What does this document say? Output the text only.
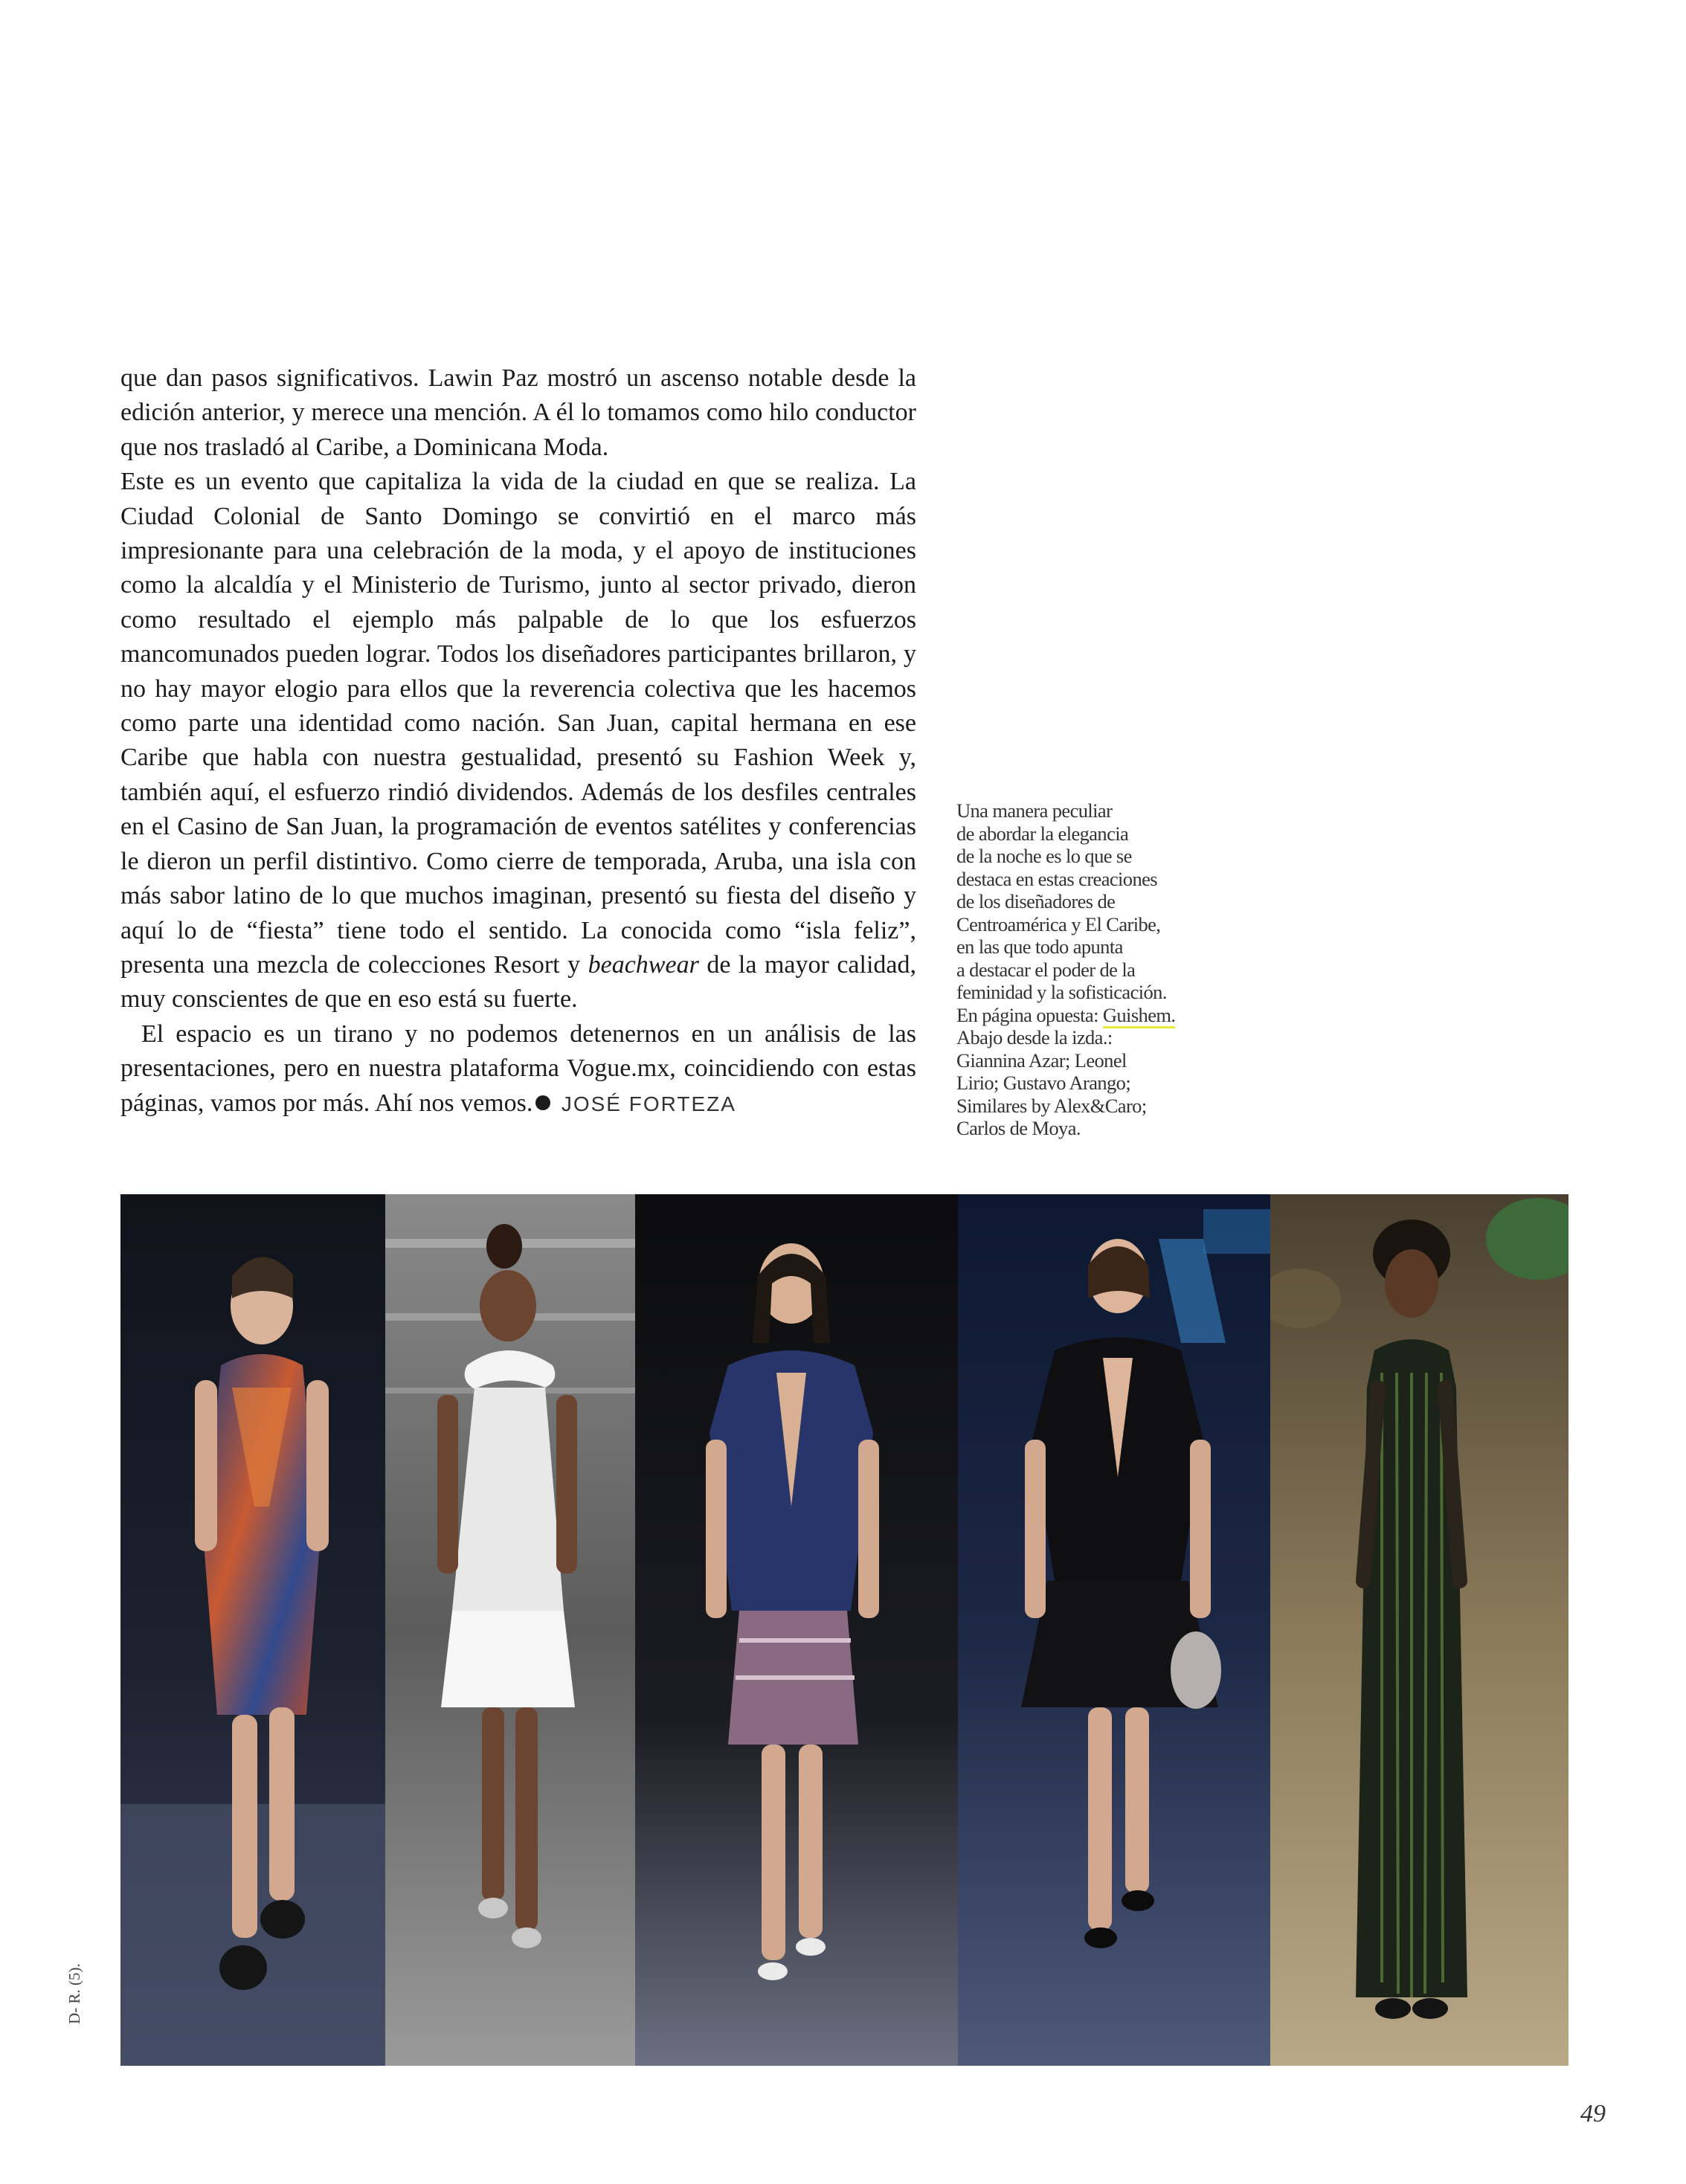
que dan pasos significativos. Lawin Paz mostró un ascenso notable desde la edición anterior, y merece una mención. A él lo tomamos como hilo conductor que nos trasladó al Caribe, a Dominicana Moda.

Este es un evento que capitaliza la vida de la ciudad en que se realiza. La Ciudad Colonial de Santo Domingo se convirtió en el marco más impresionante para una celebración de la moda, y el apoyo de instituciones como la alcaldía y el Ministerio de Turismo, junto al sector privado, dieron como resultado el ejemplo más palpable de lo que los esfuerzos mancomunados pueden lograr. Todos los diseñadores participantes brillaron, y no hay mayor elogio para ellos que la reverencia colectiva que les hacemos como parte una identidad como nación. San Juan, capital hermana en ese Caribe que habla con nuestra gestualidad, presentó su Fashion Week y, también aquí, el esfuerzo rindió dividendos. Además de los desfiles centrales en el Casino de San Juan, la programación de eventos satélites y conferencias le dieron un perfil distintivo. Como cierre de temporada, Aruba, una isla con más sabor latino de lo que muchos imaginan, presentó su fiesta del diseño y aquí lo de “fiesta” tiene todo el sentido. La conocida como “isla feliz”, presenta una mezcla de colecciones Resort y beachwear de la mayor calidad, muy conscientes de que en eso está su fuerte.

El espacio es un tirano y no podemos detenernos en un análisis de las presentaciones, pero en nuestra plataforma Vogue.mx, coincidiendo con estas páginas, vamos por más. Ahí nos vemos. JOSÉ FORTEZA

Una manera peculiar
de abordar la elegancia
de la noche es lo que se
destaca en estas creaciones
de los diseñadores de
Centroamérica y El Caribe,
en las que todo apunta
a destacar el poder de la
feminidad y la sofisticación.
En página opuesta: Guishem.
Abajo desde la izda.:
Giannina Azar; Leonel
Lirio; Gustavo Arango;
Similares by Alex&Caro;
Carlos de Moya.
D- R. (5).
49
